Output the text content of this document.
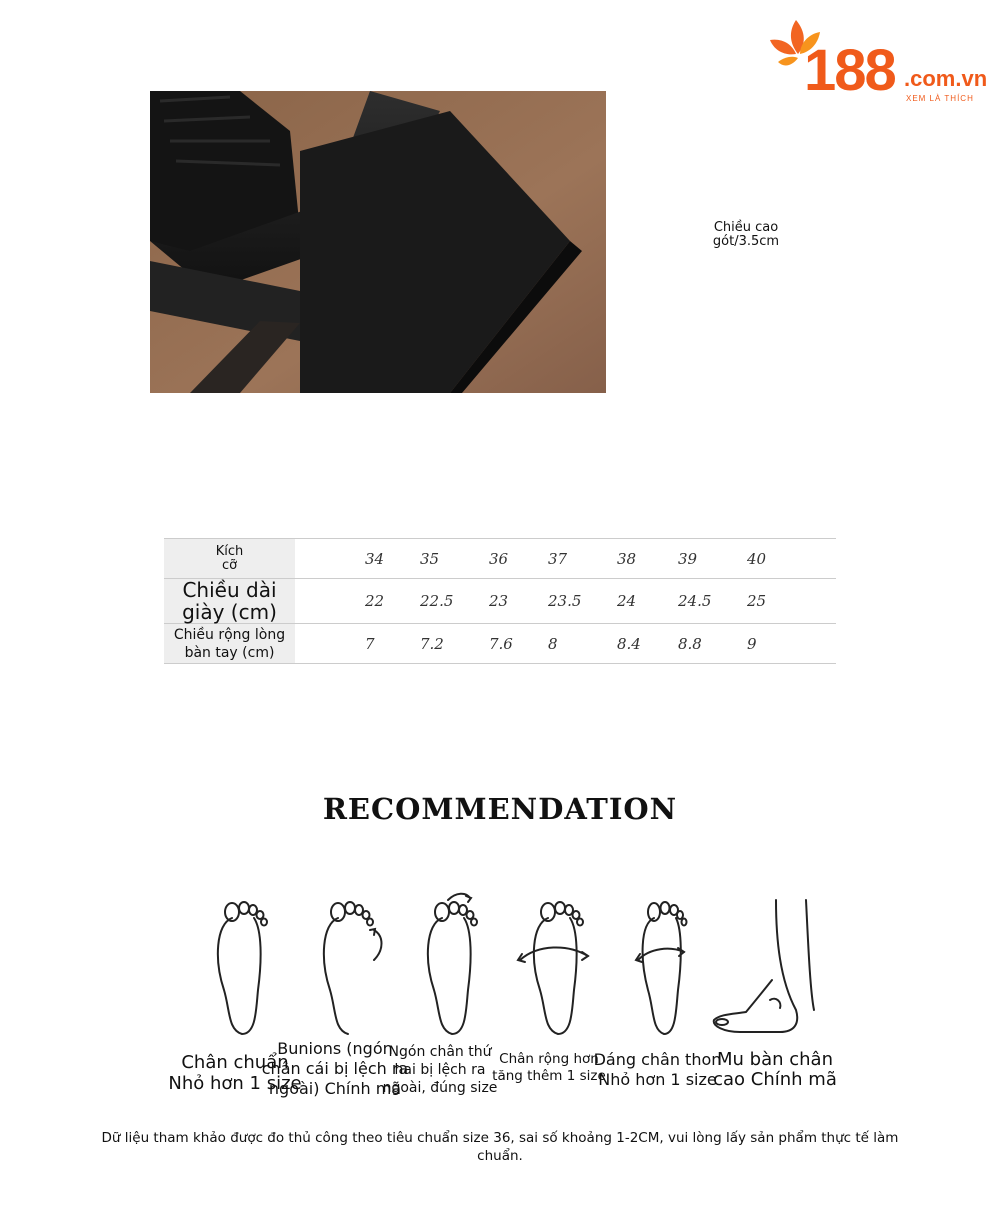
188 .com.vn
XEM LÀ THÍCH
Chiều cao
gót/3.5cm
Kích
cỡ		34	35	36	37	38	39	40

Chiều dài
giày (cm)		22	22.5	23	23.5	24	24.5	25

Chiều rộng lòng
bàn tay (cm)		7	7.2	7.6	8	8.4	8.8	9
RECOMMENDATION
Chân chuẩn
Nhỏ hơn 1 size
Bunions (ngón
chân cái bị lệch ra
ngoài) Chính mã
Ngón chân thứ
hai bị lệch ra
ngoài, đúng size
Chân rộng hơn
tăng thêm 1 size
Dáng chân thon
Nhỏ hơn 1 size
Mu bàn chân
cao Chính mã
Dữ liệu tham khảo được đo thủ công theo tiêu chuẩn size 36, sai số khoảng 1-2CM, vui lòng lấy sản phẩm thực tế làm chuẩn.
